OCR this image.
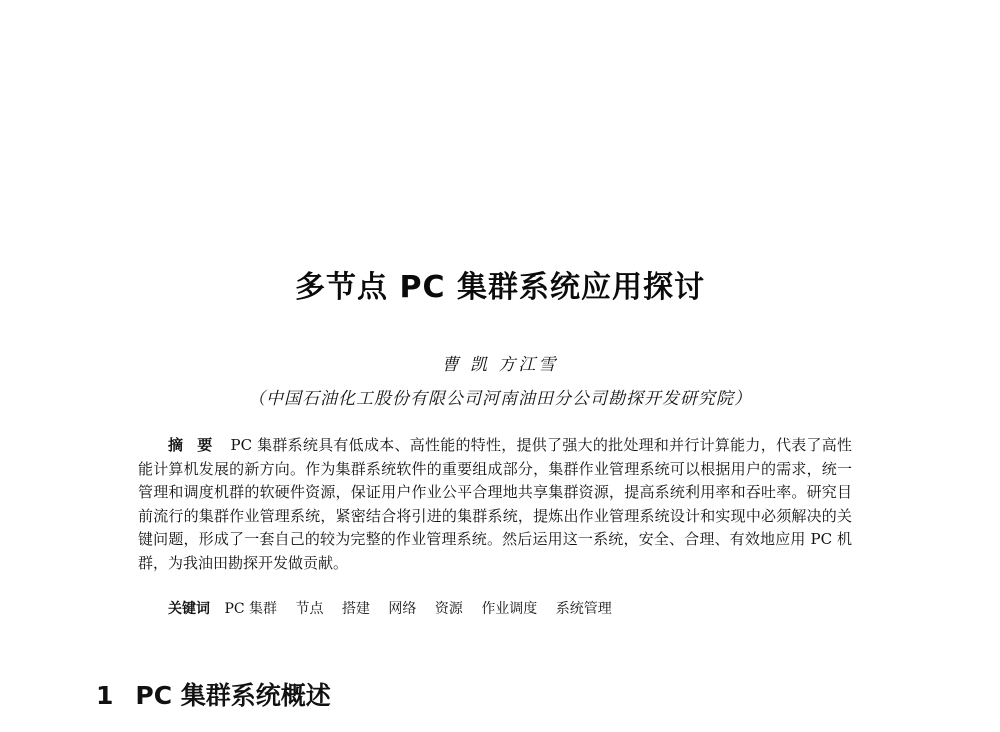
多节点 PC 集群系统应用探讨
曹 凯 方江雪
（中国石油化工股份有限公司河南油田分公司勘探开发研究院）

摘要 PC 集群系统具有低成本、高性能的特性，提供了强大的批处理和并行计算能力，代表了高性能计算机发展的新方向。作为集群系统软件的重要组成部分，集群作业管理系统可以根据用户的需求，统一管理和调度机群的软硬件资源，保证用户作业公平合理地共享集群资源，提高系统利用率和吞吐率。研究目前流行的集群作业管理系统，紧密结合将引进的集群系统，提炼出作业管理系统设计和实现中必须解决的关键问题，形成了一套自己的较为完整的作业管理系统。然后运用这一系统，安全、合理、有效地应用 PC 机群，为我油田勘探开发做贡献。

关键词 PC 集群 节点 搭建 网络 资源 作业调度 系统管理
1 PC 集群系统概述
